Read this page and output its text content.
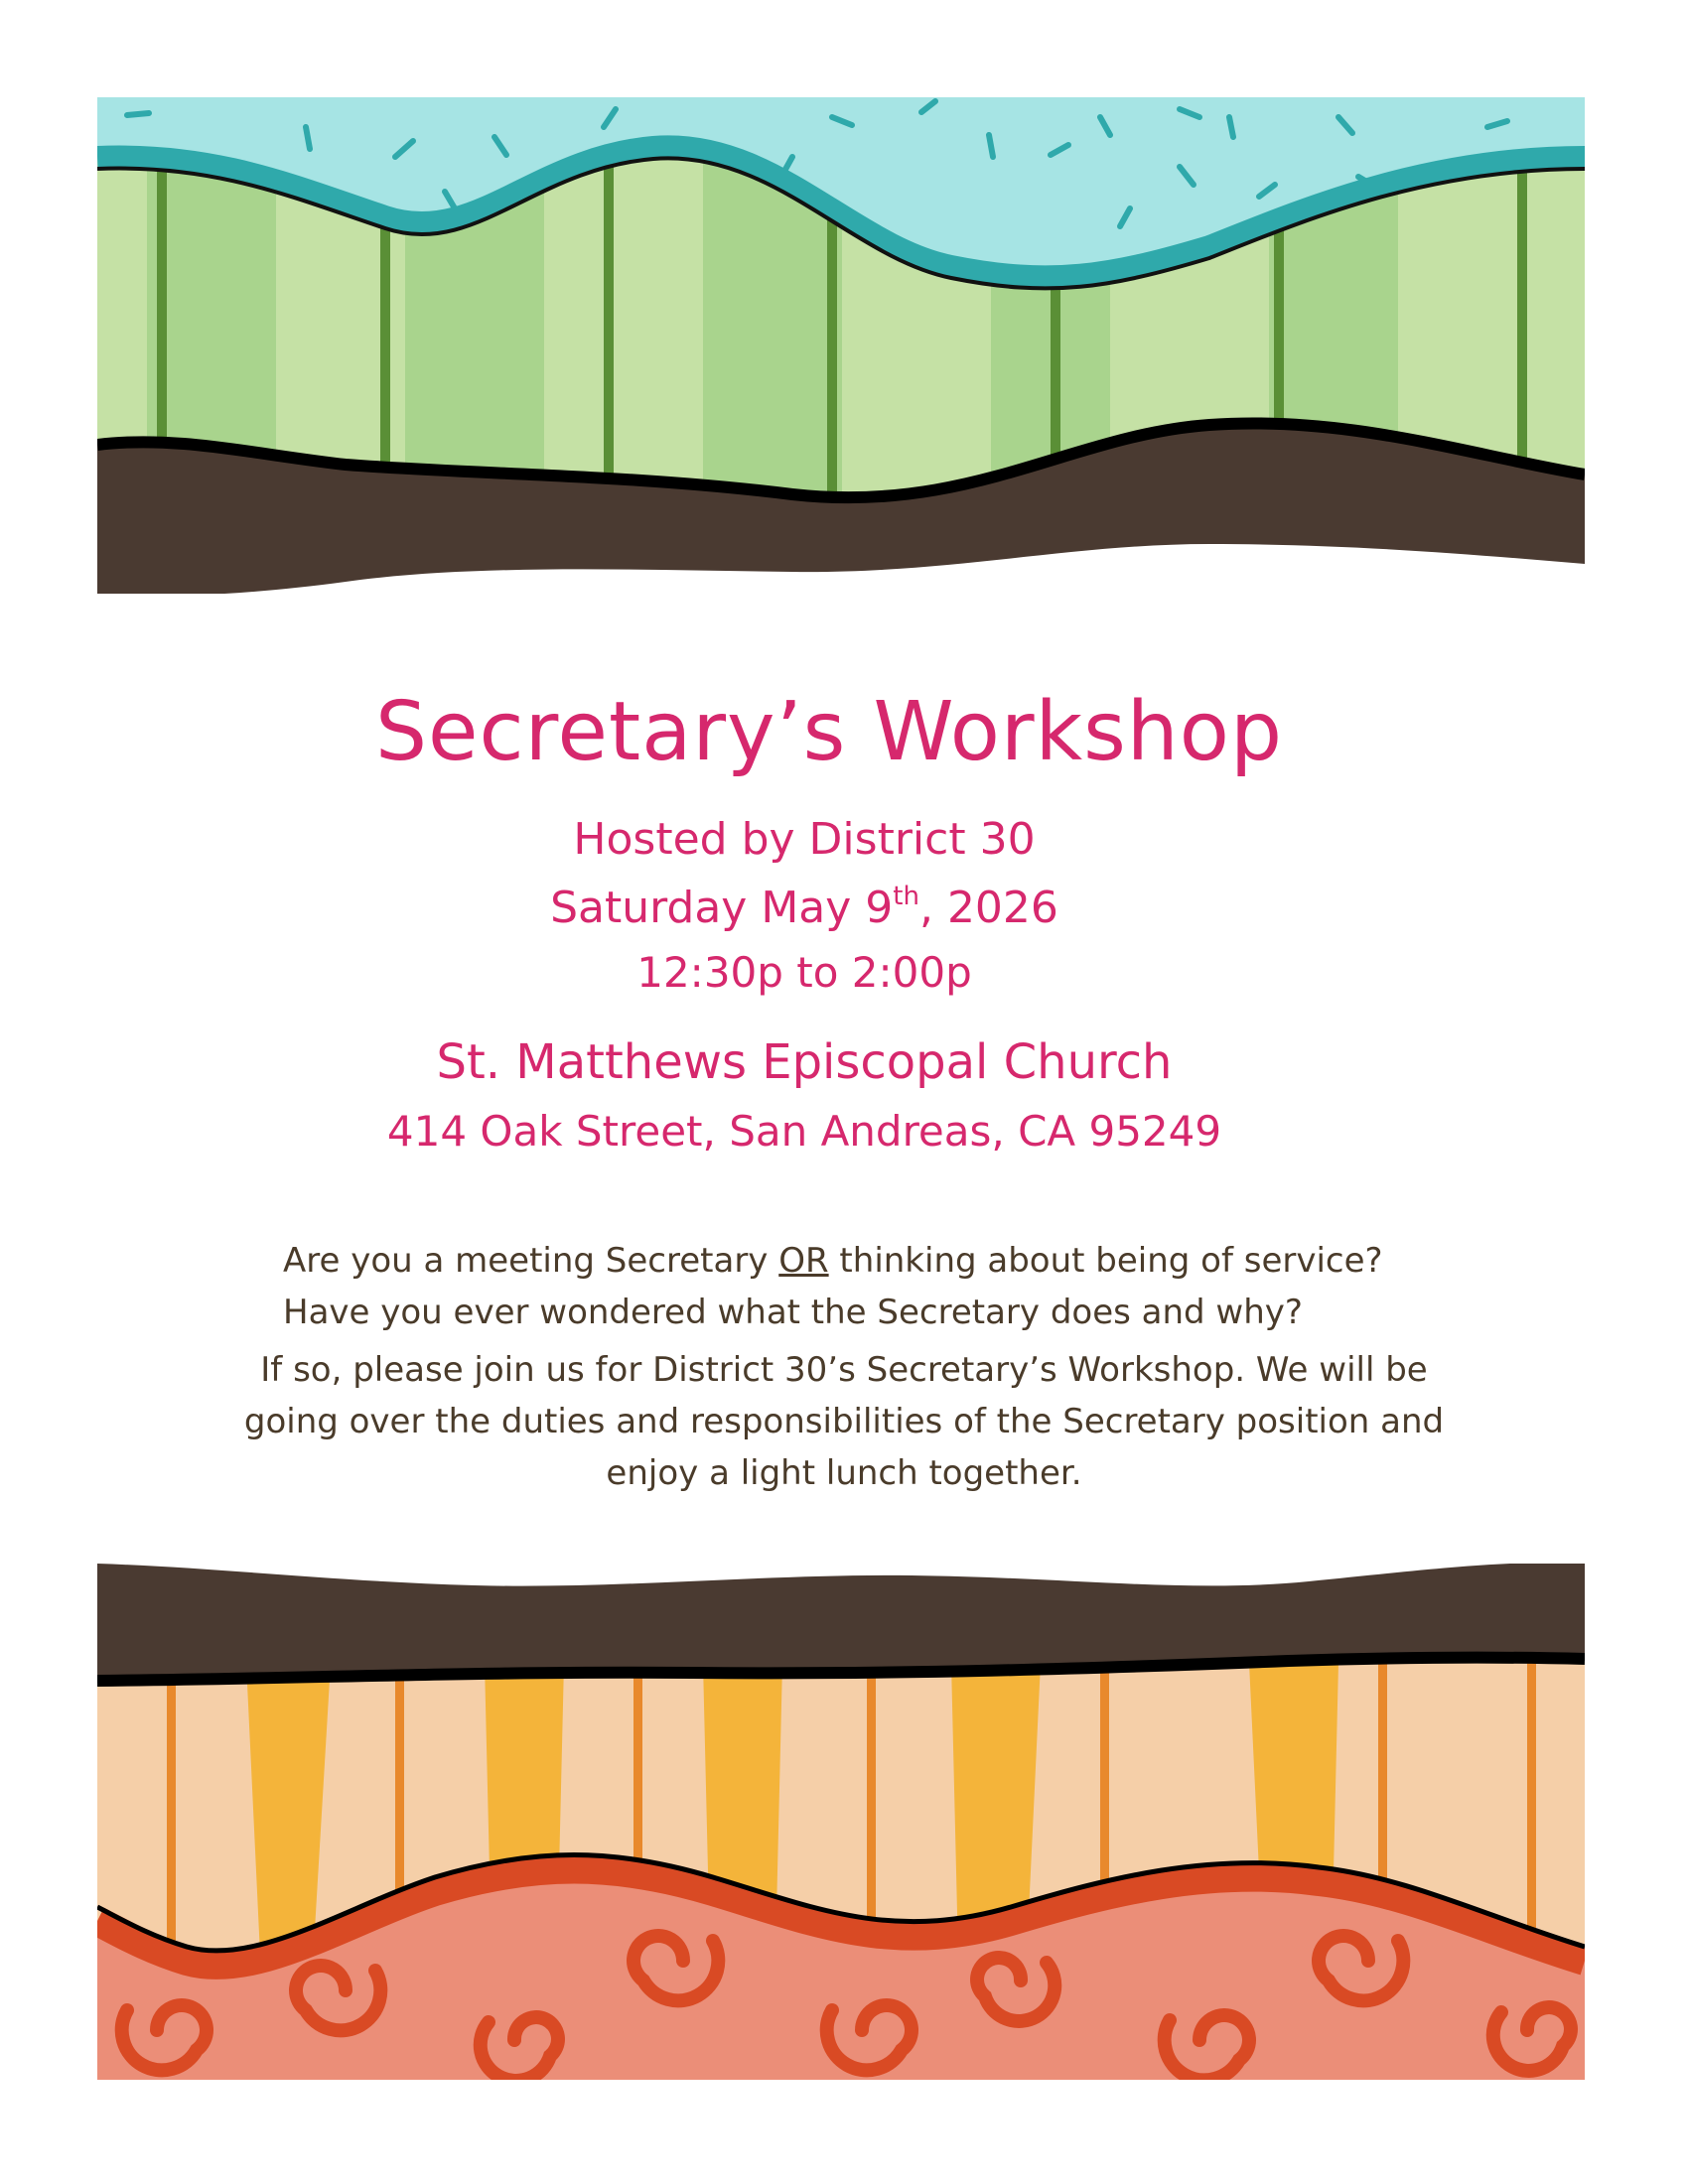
Secretary’s Workshop
Hosted by District 30
Saturday May 9th, 2026
12:30p to 2:00p
St. Matthews Episcopal Church
414 Oak Street, San Andreas, CA 95249
Are you a meeting Secretary OR thinking about being of service?
Have you ever wondered what the Secretary does and why?
If so, please join us for District 30’s Secretary’s Workshop. We will be
going over the duties and responsibilities of the Secretary position and
enjoy a light lunch together.
